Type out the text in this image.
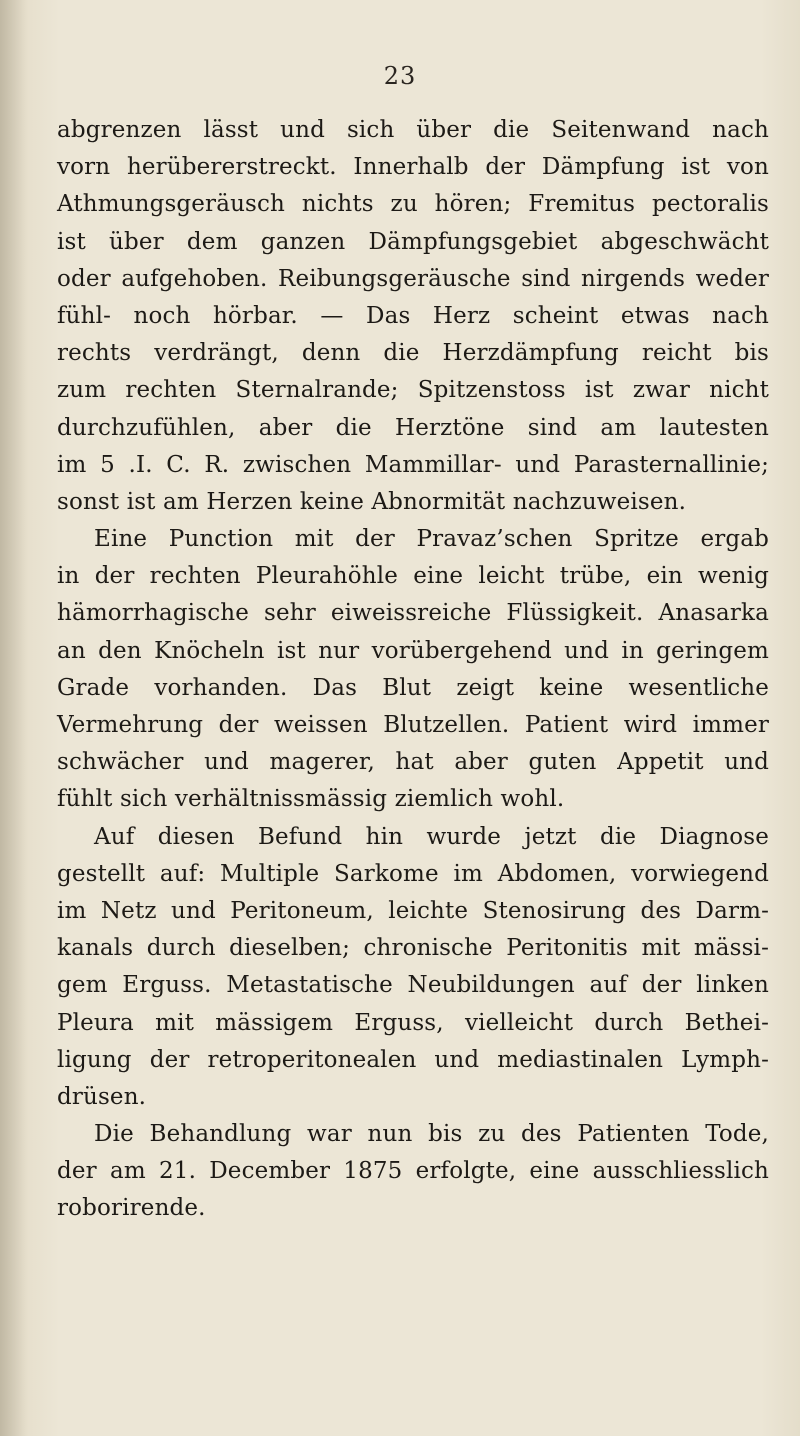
23
abgrenzen lässt und sich über die Seitenwand nach
vorn herübererstreckt. Innerhalb der Dämpfung ist von
Athmungsgeräusch nichts zu hören; Fremitus pectoralis
ist über dem ganzen Dämpfungsgebiet abgeschwächt
oder aufgehoben. Reibungsgeräusche sind nirgends weder
fühl- noch hörbar. — Das Herz scheint etwas nach
rechts verdrängt, denn die Herzdämpfung reicht bis
zum rechten Sternalrande; Spitzenstoss ist zwar nicht
durchzufühlen, aber die Herztöne sind am lautesten
im 5 .I. C. R. zwischen Mammillar- und Parasternallinie;
sonst ist am Herzen keine Abnormität nachzuweisen.
Eine Punction mit der Pravaz’schen Spritze ergab
in der rechten Pleurahöhle eine leicht trübe, ein wenig
hämorrhagische sehr eiweissreiche Flüssigkeit. Anasarka
an den Knöcheln ist nur vorübergehend und in geringem
Grade vorhanden. Das Blut zeigt keine wesentliche
Vermehrung der weissen Blutzellen. Patient wird immer
schwächer und magerer, hat aber guten Appetit und
fühlt sich verhältnissmässig ziemlich wohl.
Auf diesen Befund hin wurde jetzt die Diagnose
gestellt auf: Multiple Sarkome im Abdomen, vorwiegend
im Netz und Peritoneum, leichte Stenosirung des Darm-
kanals durch dieselben; chronische Peritonitis mit mässi-
gem Erguss. Metastatische Neubildungen auf der linken
Pleura mit mässigem Erguss, vielleicht durch Bethei-
ligung der retroperitonealen und mediastinalen Lymph-
drüsen.
Die Behandlung war nun bis zu des Patienten Tode,
der am 21. December 1875 erfolgte, eine ausschliesslich
roborirende.
